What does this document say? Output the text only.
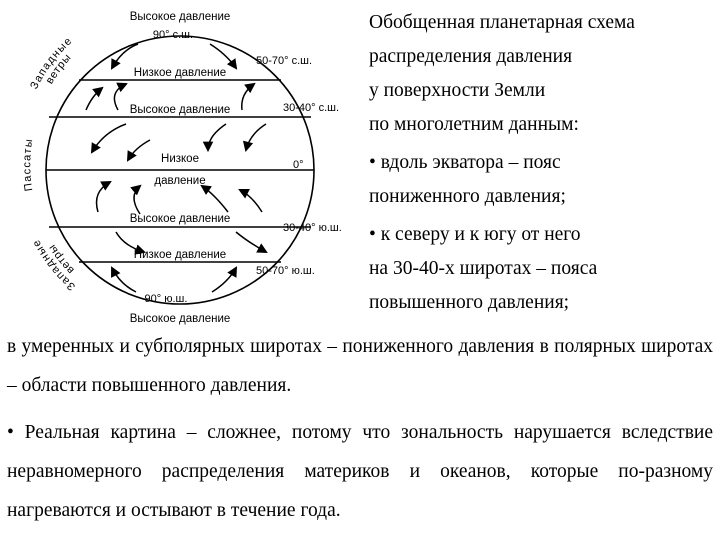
Высокое давление
Низкое давление
Высокое давление
Низкое
давление
Высокое давление
Низкое давление
Высокое давление
90° с.ш.
50-70° с.ш.
30-40° с.ш.
0°
30-40° ю.ш.
50-70° ю.ш.
90° ю.ш.
Западные
ветры
Пассаты
Западные
ветры
Обобщенная планетарная схема
распределения давления
у поверхности Земли
по многолетним данным:
• вдоль экватора – пояс
пониженного давления;
• к северу и к югу от него
на 30-40-х широтах – пояса
повышенного давления;

в умеренных и субполярных широтах – пониженного давления в полярных широтах – области повышенного давления.

• Реальная картина – сложнее, потому что зональность нарушается вследствие неравномерного распределения материков и океанов, которые по-разному нагреваются и остывают в течение года.
